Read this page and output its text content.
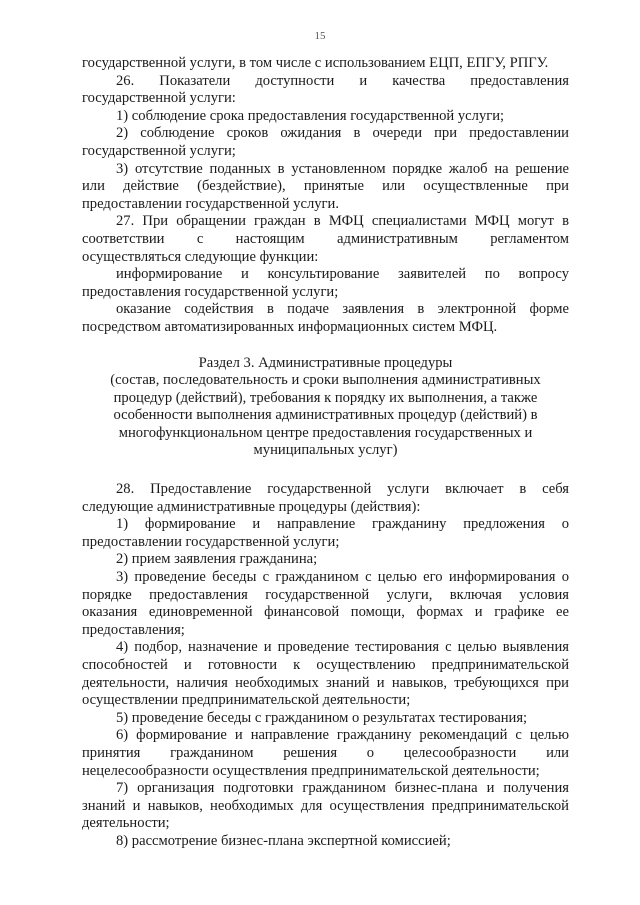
15
государственной услуги, в том числе с использованием ЕЦП, ЕПГУ, РПГУ.
26. Показатели доступности и качества предоставления
государственной услуги:
1) соблюдение срока предоставления государственной услуги;
2) соблюдение сроков ожидания в очереди при предоставлении
государственной услуги;
3) отсутствие поданных в установленном порядке жалоб на решение
или действие (бездействие), принятые или осуществленные при
предоставлении государственной услуги.
27. При обращении граждан в МФЦ специалистами МФЦ могут в
соответствии с настоящим административным регламентом
осуществляться следующие функции:
информирование и консультирование заявителей по вопросу
предоставления государственной услуги;
оказание содействия в подаче заявления в электронной форме
посредством автоматизированных информационных систем МФЦ.
Раздел 3. Административные процедуры
(состав, последовательность и сроки выполнения административных
процедур (действий), требования к порядку их выполнения, а также
особенности выполнения административных процедур (действий) в
многофункциональном центре предоставления государственных и
муниципальных услуг)
28. Предоставление государственной услуги включает в себя
следующие административные процедуры (действия):
1) формирование и направление гражданину предложения о
предоставлении государственной услуги;
2) прием заявления гражданина;
3) проведение беседы с гражданином с целью его информирования о
порядке предоставления государственной услуги, включая условия
оказания единовременной финансовой помощи, формах и графике ее
предоставления;
4) подбор, назначение и проведение тестирования с целью выявления
способностей и готовности к осуществлению предпринимательской
деятельности, наличия необходимых знаний и навыков, требующихся при
осуществлении предпринимательской деятельности;
5) проведение беседы с гражданином о результатах тестирования;
6) формирование и направление гражданину рекомендаций с целью
принятия гражданином решения о целесообразности или
нецелесообразности осуществления предпринимательской деятельности;
7) организация подготовки гражданином бизнес-плана и получения
знаний и навыков, необходимых для осуществления предпринимательской
деятельности;
8) рассмотрение бизнес-плана экспертной комиссией;
